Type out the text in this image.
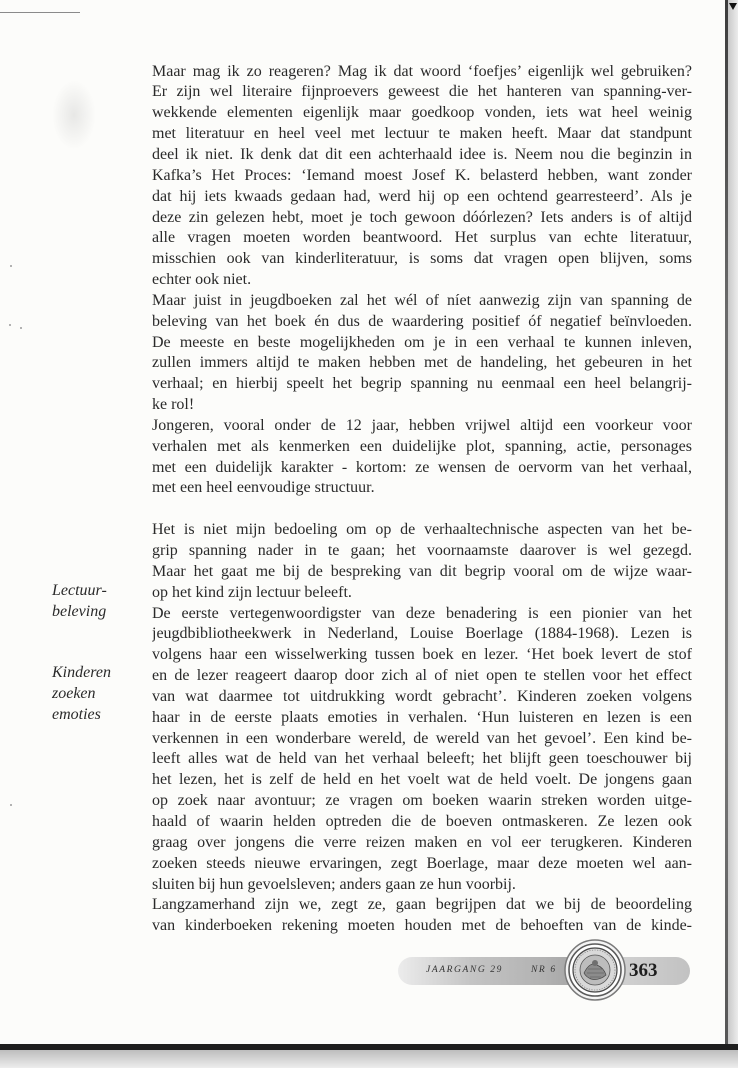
Maar mag ik zo reageren? Mag ik dat woord ‘foefjes’ eigenlijk wel gebruiken?
Er zijn wel literaire fijnproevers geweest die het hanteren van spanning-ver-
wekkende elementen eigenlijk maar goedkoop vonden, iets wat heel weinig
met literatuur en heel veel met lectuur te maken heeft. Maar dat standpunt
deel ik niet. Ik denk dat dit een achterhaald idee is. Neem nou die beginzin in
Kafka’s Het Proces: ‘Iemand moest Josef K. belasterd hebben, want zonder
dat hij iets kwaads gedaan had, werd hij op een ochtend gearresteerd’. Als je
deze zin gelezen hebt, moet je toch gewoon dóórlezen? Iets anders is of altijd
alle vragen moeten worden beantwoord. Het surplus van echte literatuur,
misschien ook van kinderliteratuur, is soms dat vragen open blijven, soms
echter ook niet.
Maar juist in jeugdboeken zal het wél of níet aanwezig zijn van spanning de
beleving van het boek én dus de waardering positief óf negatief beïnvloeden.
De meeste en beste mogelijkheden om je in een verhaal te kunnen inleven,
zullen immers altijd te maken hebben met de handeling, het gebeuren in het
verhaal; en hierbij speelt het begrip spanning nu eenmaal een heel belangrij-
ke rol!
Jongeren, vooral onder de 12 jaar, hebben vrijwel altijd een voorkeur voor
verhalen met als kenmerken een duidelijke plot, spanning, actie, personages
met een duidelijk karakter - kortom: ze wensen de oervorm van het verhaal,
met een heel eenvoudige structuur.
Het is niet mijn bedoeling om op de verhaaltechnische aspecten van het be-
grip spanning nader in te gaan; het voornaamste daarover is wel gezegd.
Maar het gaat me bij de bespreking van dit begrip vooral om de wijze waar-
op het kind zijn lectuur beleeft.
De eerste vertegenwoordigster van deze benadering is een pionier van het
jeugdbibliotheekwerk in Nederland, Louise Boerlage (1884-1968). Lezen is
volgens haar een wisselwerking tussen boek en lezer. ‘Het boek levert de stof
en de lezer reageert daarop door zich al of niet open te stellen voor het effect
van wat daarmee tot uitdrukking wordt gebracht’. Kinderen zoeken volgens
haar in de eerste plaats emoties in verhalen. ‘Hun luisteren en lezen is een
verkennen in een wonderbare wereld, de wereld van het gevoel’. Een kind be-
leeft alles wat de held van het verhaal beleeft; het blijft geen toeschouwer bij
het lezen, het is zelf de held en het voelt wat de held voelt. De jongens gaan
op zoek naar avontuur; ze vragen om boeken waarin streken worden uitge-
haald of waarin helden optreden die de boeven ontmaskeren. Ze lezen ook
graag over jongens die verre reizen maken en vol eer terugkeren. Kinderen
zoeken steeds nieuwe ervaringen, zegt Boerlage, maar deze moeten wel aan-
sluiten bij hun gevoelsleven; anders gaan ze hun voorbij.
Langzamerhand zijn we, zegt ze, gaan begrijpen dat we bij de beoordeling
van kinderboeken rekening moeten houden met de behoeften van de kinde-
Lectuur-
beleving
Kinderen
zoeken
emoties
JAARGANG 29	NR 6	363
